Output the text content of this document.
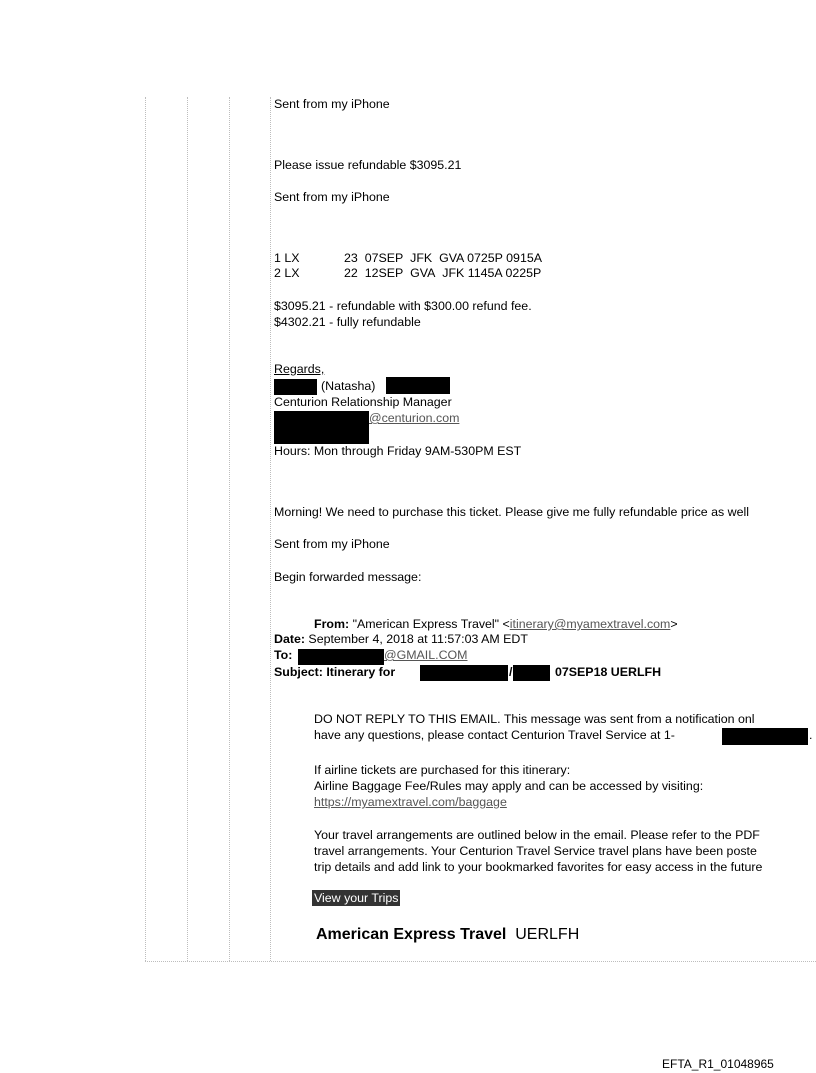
Sent from my iPhone
Please issue refundable $3095.21
Sent from my iPhone
1 LX	23 07SEP JFK GVA 0725P 0915A
2 LX	22 12SEP GVA JFK 1145A 0225P
$3095.21 - refundable with $300.00 refund fee.
$4302.21 - fully refundable
Regards,
(Natasha)
Centurion Relationship Manager
@centurion.com
Hours: Mon through Friday 9AM-530PM EST
Morning! We need to purchase this ticket. Please give me fully refundable price as well
Sent from my iPhone
Begin forwarded message:
From: "American Express Travel" <itinerary@myamextravel.com>
Date: September 4, 2018 at 11:57:03 AM EDT
To:	@GMAIL.COM
Subject: Itinerary for	/	07SEP18 UERLFH
DO NOT REPLY TO THIS EMAIL. This message was sent from a notification onl
have any questions, please contact Centurion Travel Service at 1-	.
If airline tickets are purchased for this itinerary:
Airline Baggage Fee/Rules may apply and can be accessed by visiting:
https://myamextravel.com/baggage
Your travel arrangements are outlined below in the email. Please refer to the PDF
travel arrangements. Your Centurion Travel Service travel plans have been poste
trip details and add link to your bookmarked favorites for easy access in the future
View your Trips
American Express Travel UERLFH
EFTA_R1_01048965
